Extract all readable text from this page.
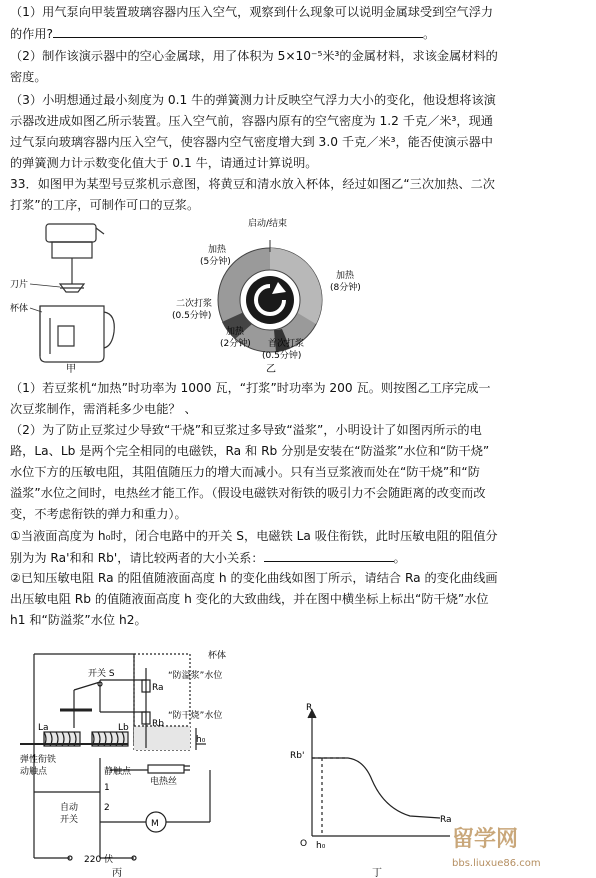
（1）用气泵向甲装置玻璃容器内压入空气，观察到什么现象可以说明金属球受到空气浮力
的作用?	。
（2）制作该演示器中的空心金属球，用了体积为 5×10⁻⁵米³的金属材料，求该金属材料的
密度。
（3）小明想通过最小刻度为 0.1 牛的弹簧测力计反映空气浮力大小的变化，他设想将该演
示器改进成如图乙所示装置。压入空气前，容器内原有的空气密度为 1.2 千克／米³，现通
过气泵向玻璃容器内压入空气，使容器内空气密度增大到 3.0 千克／米³，能否使演示器中
的弹簧测力计示数变化值大于 0.1 牛，请通过计算说明。
33．如图甲为某型号豆浆机示意图，将黄豆和清水放入杯体，经过如图乙“三次加热、二次
打浆”的工序，可制作可口的豆浆。
刀片
杯体
甲
启动/结束
加热
(5分钟)
加热
(8分钟)
二次打浆
(0.5分钟)
加热
(2分钟) 首次打浆
(0.5分钟)
乙
（1）若豆浆机“加热”时功率为 1000 瓦，“打浆”时功率为 200 瓦。则按图乙工序完成一
次豆浆制作，需消耗多少电能？ 、
（2）为了防止豆浆过少导致“干烧”和豆浆过多导致“溢浆”，小明设计了如图丙所示的电
路，La、Lb 是两个完全相同的电磁铁，Ra 和 Rb 分别是安装在“防溢浆”水位和“防干烧”
水位下方的压敏电阻，其阻值随压力的增大而减小。只有当豆浆液而处在“防干烧”和“防
溢浆”水位之间时，电热丝才能工作。（假设电磁铁对衔铁的吸引力不会随距离的改变而改
变，不考虑衔铁的弹力和重力）。
①当液面高度为 h₀时，闭合电路中的开关 S，电磁铁 La 吸住衔铁，此时压敏电阻的阻值分
别为为 Ra'和和 Rb'，请比较两者的大小关系：	。
②已知压敏电阻 Ra 的阻值随液面高度 h 的变化曲线如图丁所示，请结合 Ra 的变化曲线画
出压敏电阻 Rb 的值随液面高度 h 变化的大致曲线，并在图中横坐标上标出“防干烧”水位
h1 和“防溢浆”水位 h2。
杯体
“防溢浆”水位
“防干烧”水位
开关 S
Ra
Rb
La	Lb
h₀
弹性衔铁
动触点	静触点
电热丝
1
2
自动
开关	M
220 伏
丙
R
Rb'
O h₀
Ra
丁
留学网
bbs.liuxue86.com
